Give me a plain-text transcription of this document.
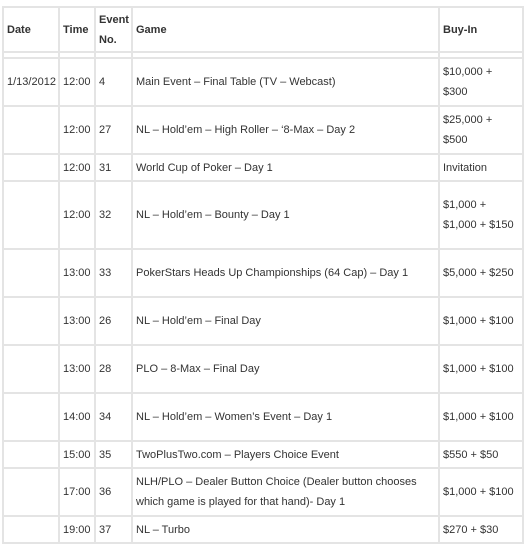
Date	Time	Event No.	Game	Buy-In

1/13/2012	12:00	4	Main Event – Final Table (TV – Webcast)	$10,000 + $300
	12:00	27	NL – Hold’em – High Roller – ‘8-Max – Day 2	$25,000 + $500
	12:00	31	World Cup of Poker – Day 1	Invitation
	12:00	32	NL – Hold’em – Bounty – Day 1	$1,000 + $1,000 + $150
	13:00	33	PokerStars Heads Up Championships (64 Cap) – Day 1	$5,000 + $250
	13:00	26	NL – Hold’em – Final Day	$1,000 + $100
	13:00	28	PLO – 8-Max – Final Day	$1,000 + $100
	14:00	34	NL – Hold’em – Women’s Event – Day 1	$1,000 + $100
	15:00	35	TwoPlusTwo.com – Players Choice Event	$550 + $50
	17:00	36	NLH/PLO – Dealer Button Choice (Dealer button chooses which game is played for that hand)- Day 1	$1,000 + $100
	19:00	37	NL – Turbo	$270 + $30
